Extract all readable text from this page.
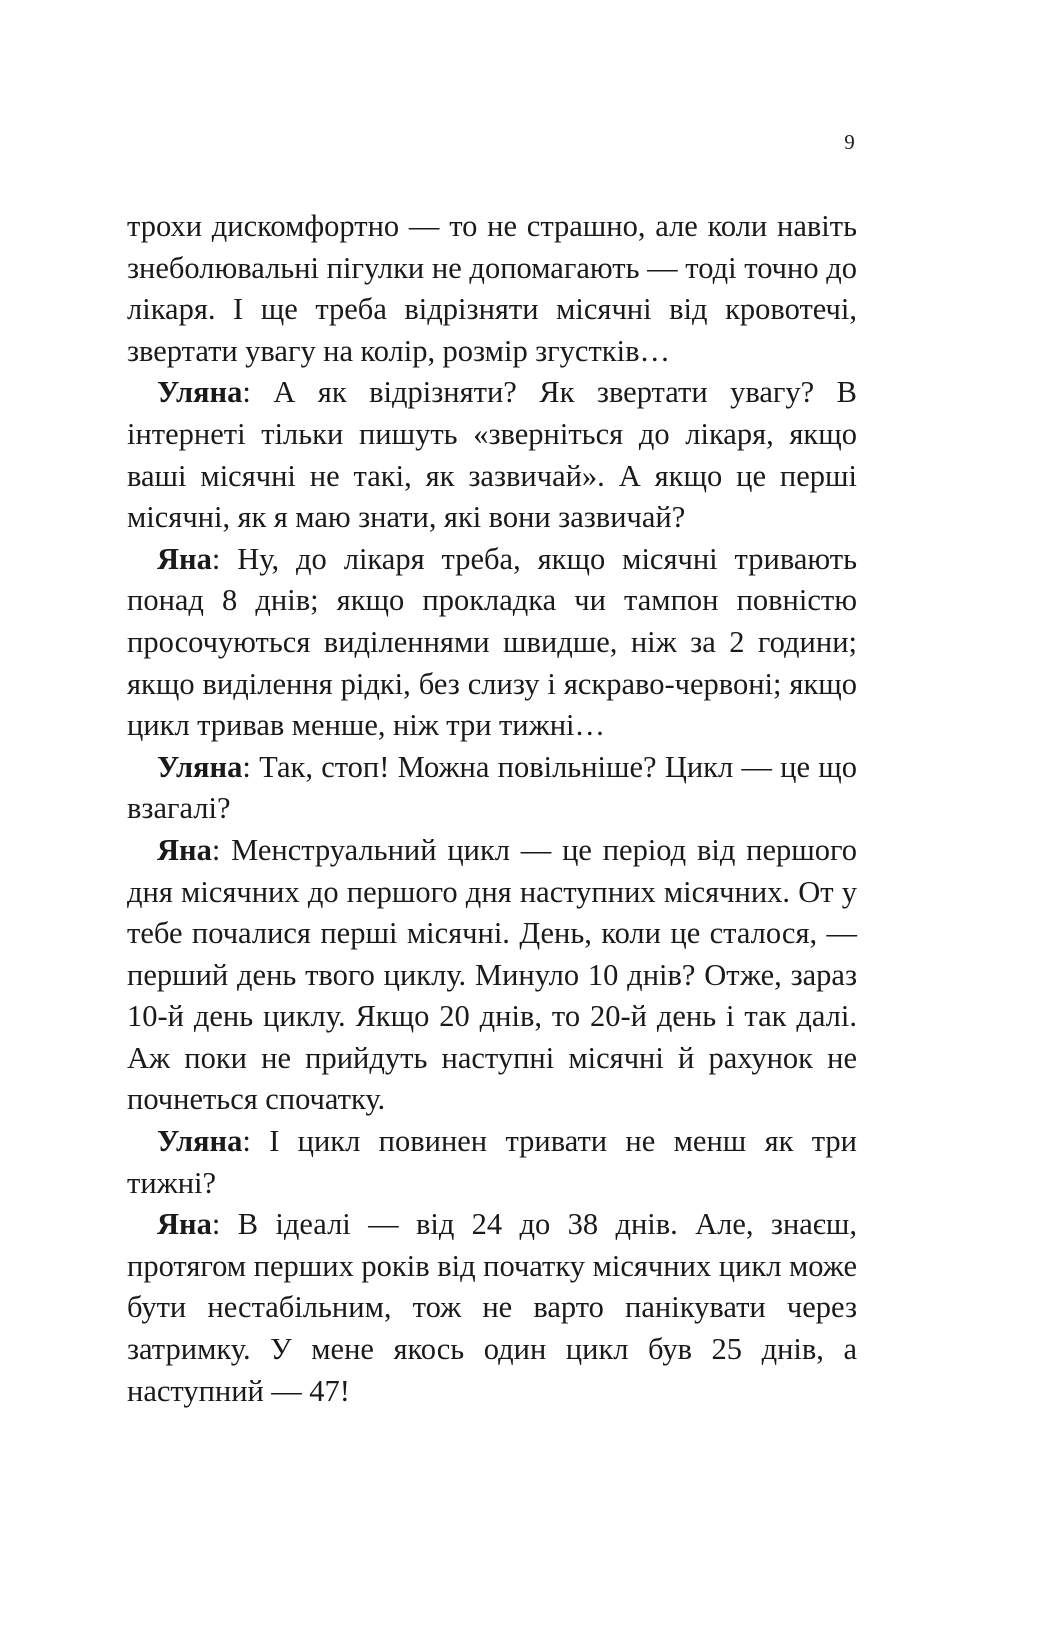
9

трохи дискомфортно — то не страшно, але коли навіть знеболювальні пігулки не допомагають — тоді точно до лікаря. І ще треба відрізняти місячні від кровотечі, звертати увагу на колір, розмір згустків…

Уляна: А як відрізняти? Як звертати увагу? В інтернеті тільки пишуть «зверніться до лікаря, якщо ваші місячні не такі, як зазвичай». А якщо це перші місячні, як я маю знати, які вони зазвичай?

Яна: Ну, до лікаря треба, якщо місячні тривають понад 8 днів; якщо прокладка чи тампон повністю просочуються виділеннями швидше, ніж за 2 години; якщо виділення рідкі, без слизу і яскраво-червоні; якщо цикл тривав менше, ніж три тижні…

Уляна: Так, стоп! Можна повільніше? Цикл — це що взагалі?

Яна: Менструальний цикл — це період від першого дня місячних до першого дня наступних місячних. От у тебе почалися перші місячні. День, коли це сталося, — перший день твого циклу. Минуло 10 днів? Отже, зараз 10-й день циклу. Якщо 20 днів, то 20-й день і так далі. Аж поки не прийдуть наступні місячні й рахунок не почнеться спочатку.

Уляна: І цикл повинен тривати не менш як три тижні?

Яна: В ідеалі — від 24 до 38 днів. Але, знаєш, протягом перших років від початку місячних цикл може бути нестабільним, тож не варто панікувати через затримку. У мене якось один цикл був 25 днів, а наступний — 47!
